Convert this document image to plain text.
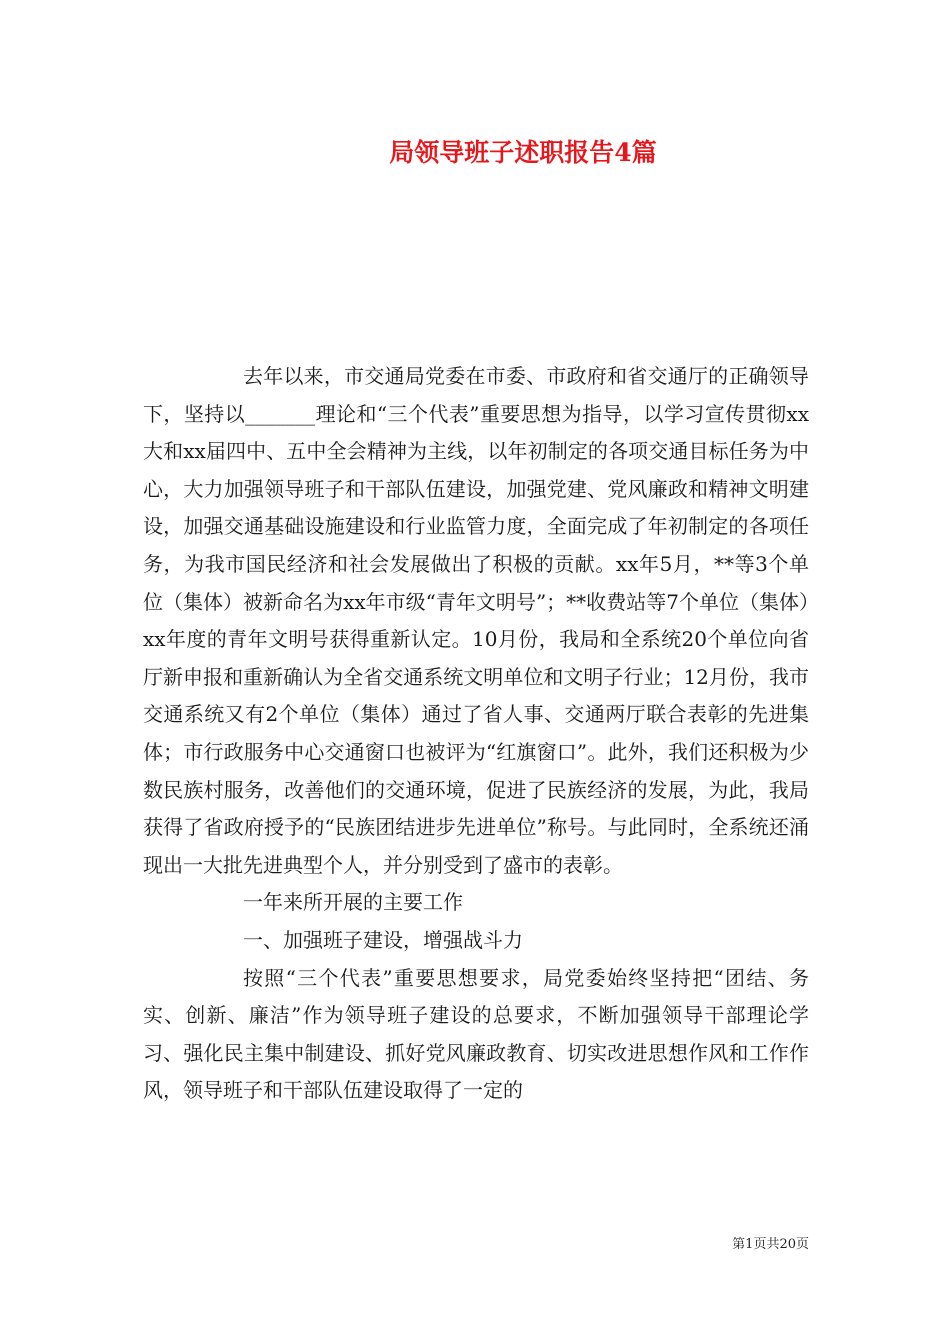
局领导班子述职报告4篇

去年以来，市交通局党委在市委、市政府和省交通厅的正确领导下，坚持以_______理论和“三个代表”重要思想为指导，以学习宣传贯彻xx大和xx届四中、五中全会精神为主线，以年初制定的各项交通目标任务为中心，大力加强领导班子和干部队伍建设，加强党建、党风廉政和精神文明建设，加强交通基础设施建设和行业监管力度，全面完成了年初制定的各项任务，为我市国民经济和社会发展做出了积极的贡献。xx年5月，**等3个单位（集体）被新命名为xx年市级“青年文明号”；**收费站等7个单位（集体）xx年度的青年文明号获得重新认定。10月份，我局和全系统20个单位向省厅新申报和重新确认为全省交通系统文明单位和文明子行业；12月份，我市交通系统又有2个单位（集体）通过了省人事、交通两厅联合表彰的先进集体；市行政服务中心交通窗口也被评为“红旗窗口”。此外，我们还积极为少数民族村服务，改善他们的交通环境，促进了民族经济的发展，为此，我局获得了省政府授予的“民族团结进步先进单位”称号。与此同时，全系统还涌现出一大批先进典型个人，并分别受到了盛市的表彰。

一年来所开展的主要工作

一、加强班子建设，增强战斗力

按照“三个代表”重要思想要求，局党委始终坚持把“团结、务实、创新、廉洁”作为领导班子建设的总要求，不断加强领导干部理论学习、强化民主集中制建设、抓好党风廉政教育、切实改进思想作风和工作作风，领导班子和干部队伍建设取得了一定的

第1页共20页
